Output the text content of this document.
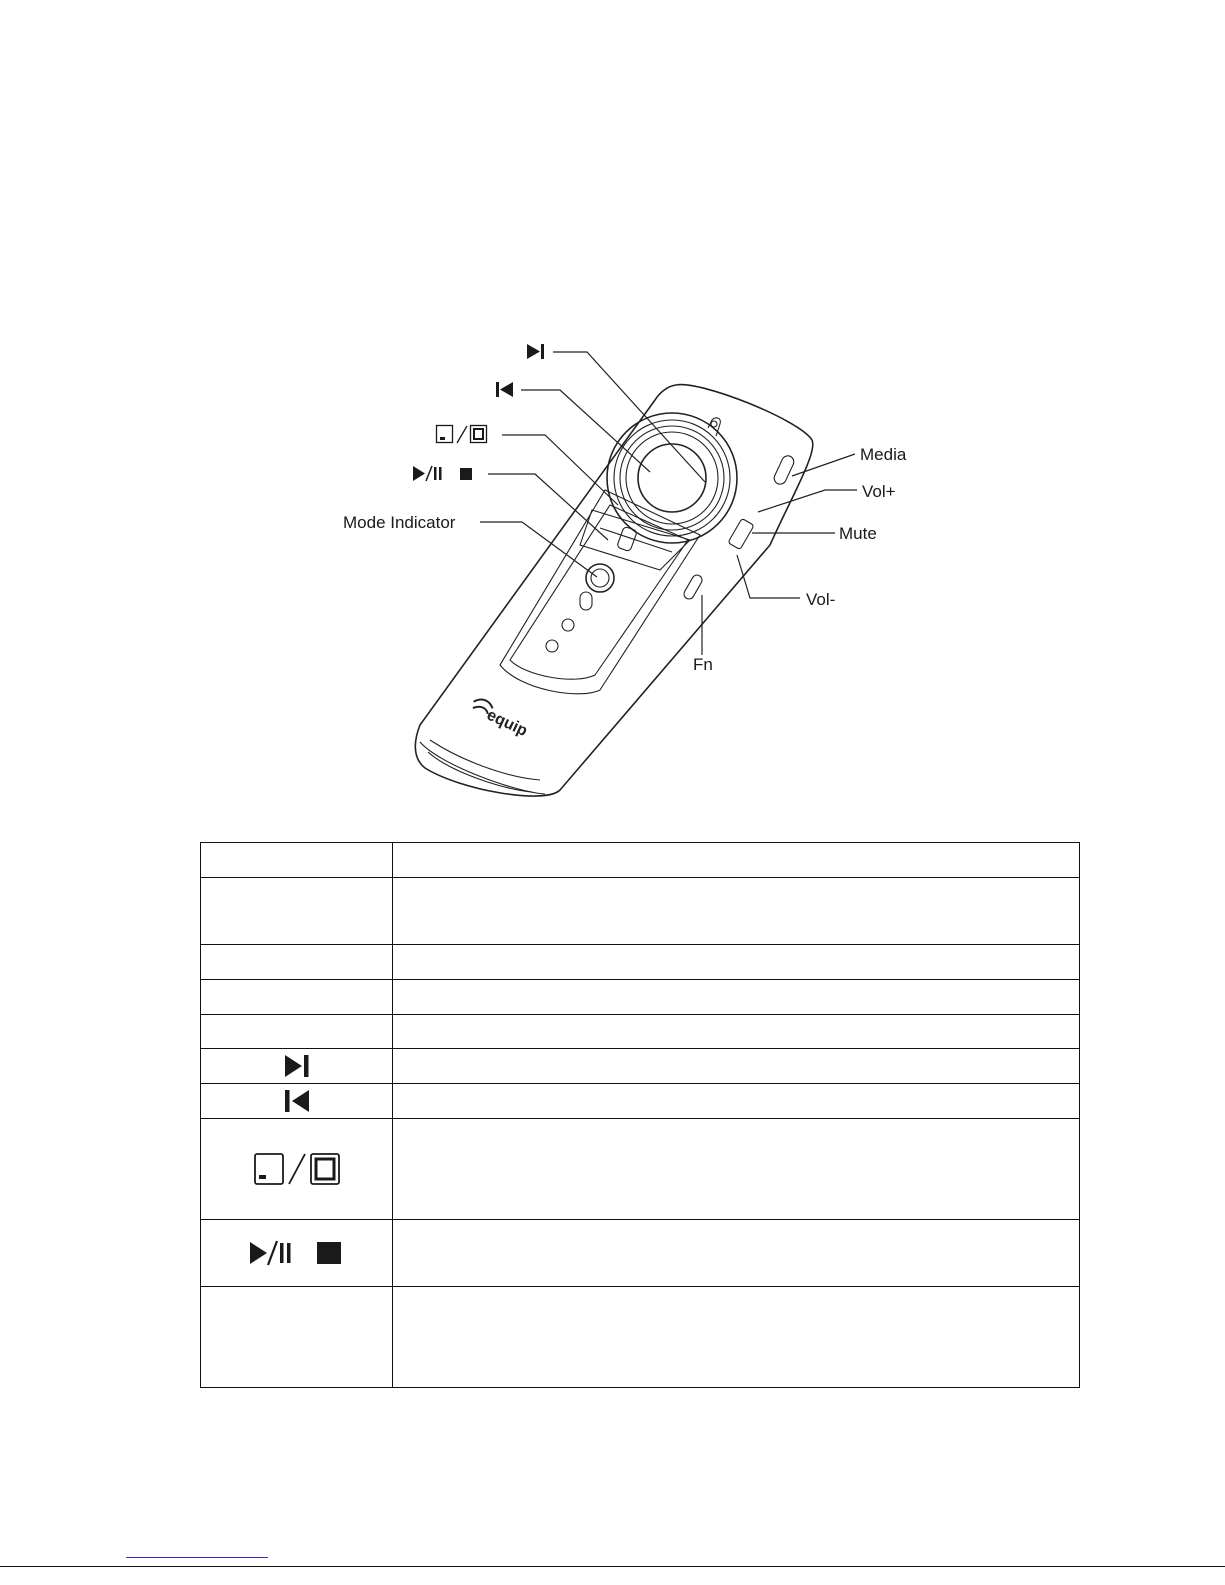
equip
Mode Indicator
Media
Vol+
Mute
Vol-
Fn
